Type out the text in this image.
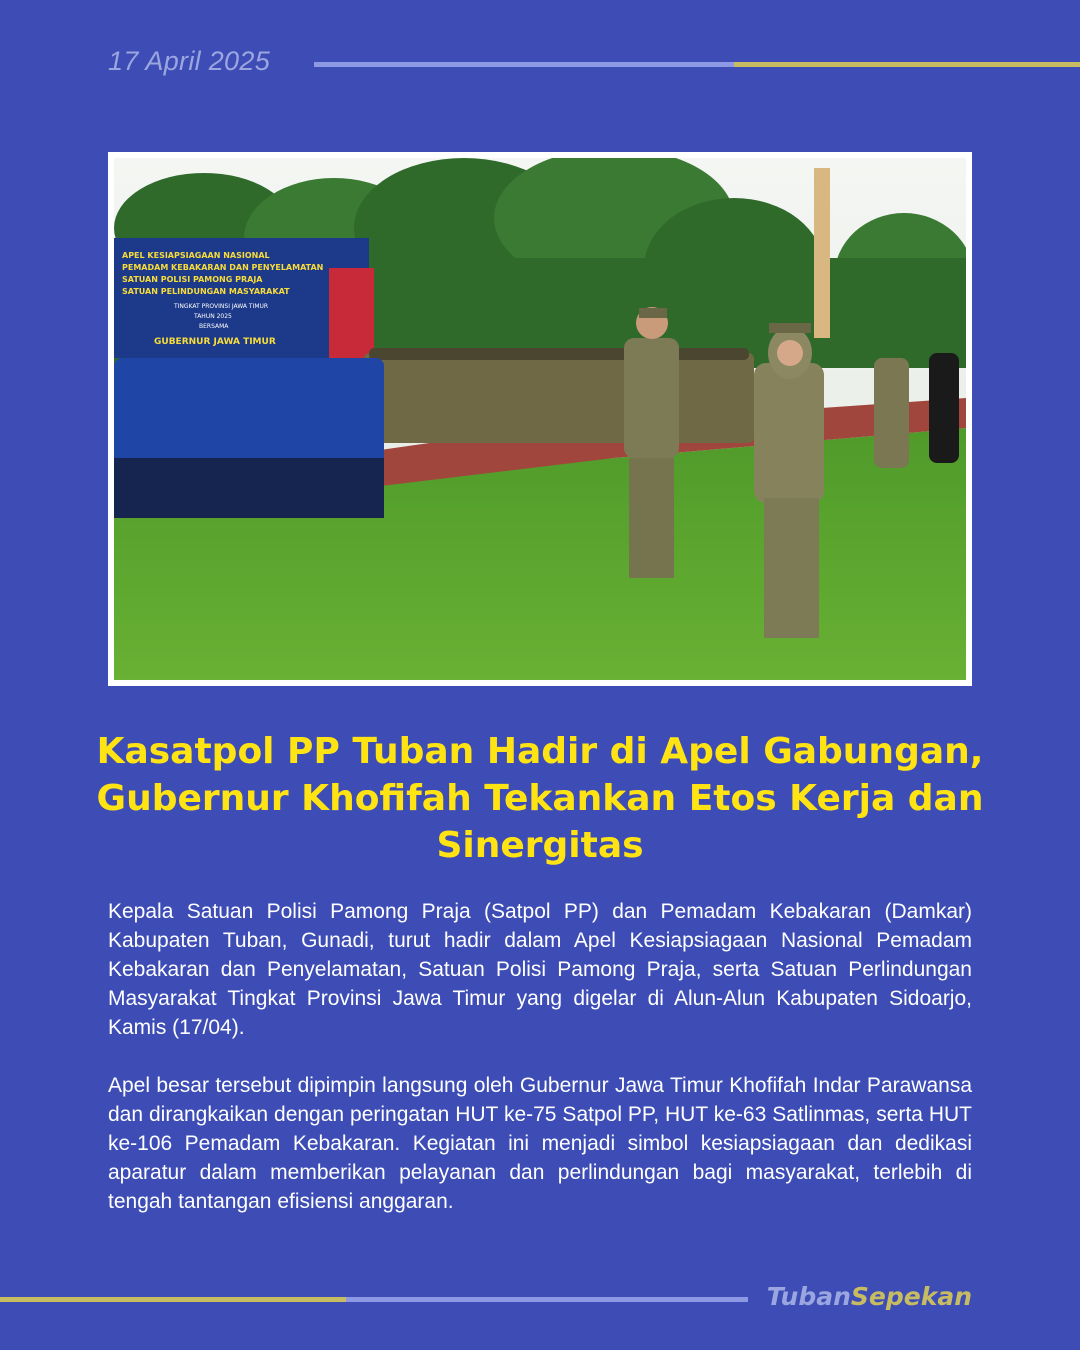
17 April 2025
APEL KESIAPSIAGAAN NASIONAL
PEMADAM KEBAKARAN DAN PENYELAMATAN
SATUAN POLISI PAMONG PRAJA
SATUAN PELINDUNGAN MASYARAKAT
TINGKAT PROVINSI JAWA TIMUR
TAHUN 2025
BERSAMA
GUBERNUR JAWA TIMUR
Kasatpol PP Tuban Hadir di Apel Gabungan, Gubernur Khofifah Tekankan Etos Kerja dan Sinergitas

Kepala Satuan Polisi Pamong Praja (Satpol PP) dan Pemadam Kebakaran (Damkar) Kabupaten Tuban, Gunadi, turut hadir dalam Apel Kesiapsiagaan Nasional Pemadam Kebakaran dan Penyelamatan, Satuan Polisi Pamong Praja, serta Satuan Perlindungan Masyarakat Tingkat Provinsi Jawa Timur yang digelar di Alun-Alun Kabupaten Sidoarjo, Kamis (17/04).

Apel besar tersebut dipimpin langsung oleh Gubernur Jawa Timur Khofifah Indar Parawansa dan dirangkaikan dengan peringatan HUT ke-75 Satpol PP, HUT ke-63 Satlinmas, serta HUT ke-106 Pemadam Kebakaran. Kegiatan ini menjadi simbol kesiapsiagaan dan dedikasi aparatur dalam memberikan pelayanan dan perlindungan bagi masyarakat, terlebih di tengah tantangan efisiensi anggaran.

TubanSepekan
